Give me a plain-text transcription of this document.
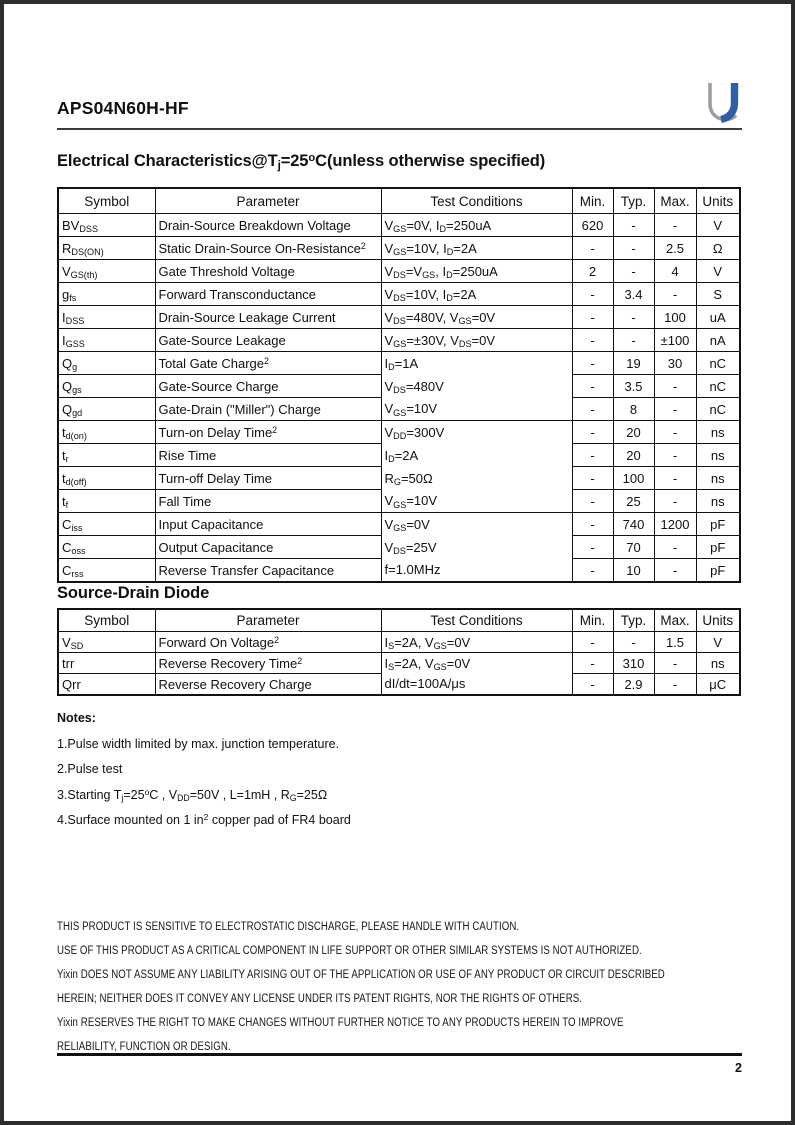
APS04N60H-HF
Electrical $Characteristics@T_j=25^oC(unless$ otherwise specified)
Symbol	Parameter	Test Conditions	Min.	Typ.	Max.	Units
$BV_{DSS}$	Drain-Source Breakdown Voltage	$V_{GS}=0V$, $I_D=250uA$	620	-	-	V
$R_{DS(ON)}$	Static Drain-Source On-Resistance$^2$	$V_{GS}=10V$, $I_D=2A$	-	-	2.5	Ω
$V_{GS(th)}$	Gate Threshold Voltage	$V_{DS}=V_{GS}$, $I_D=250uA$	2	-	4	V
$g_{fs}$	Forward Transconductance	$V_{DS}=10V$, $I_D=2A$	-	3.4	-	S
$I_{DSS}$	Drain-Source Leakage Current	$V_{DS}=480V$, $V_{GS}=0V$	-	-	100	uA
$I_{GSS}$	Gate-Source Leakage	$V_{GS}=\pm 30V$, $V_{DS}=0V$	-	-	±100	nA
$Q_g$	Total Gate Charge$^2$	$I_D=1A$	-	19	30	nC
$Q_{gs}$	Gate-Source Charge	$V_{DS}=480V$	-	3.5	-	nC
$Q_{gd}$	Gate-Drain ("Miller") Charge	$V_{GS}=10V$	-	8	-	nC
$t_{d(on)}$	Turn-on Delay Time$^2$	$V_{DD}=300V$	-	20	-	ns
$t_r$	Rise Time	$I_D=2A$	-	20	-	ns
$t_{d(off)}$	Turn-off Delay Time	$R_G=50\Omega$	-	100	-	ns
$t_f$	Fall Time	$V_{GS}=10V$	-	25	-	ns
$C_{iss}$	Input Capacitance	$V_{GS}=0V$	-	740	1200	pF
$C_{oss}$	Output Capacitance	$V_{DS}=25V$	-	70	-	pF
$C_{rss}$	Reverse Transfer Capacitance	f=1.0MHz	-	10	-	pF
Source-Drain Diode
Symbol	Parameter	Test Conditions	Min.	Typ.	Max.	Units
$V_{SD}$	Forward On Voltage$^2$	$I_S=2A$, $V_{GS}=0V$	-	-	1.5	V
trr	Reverse Recovery Time$^2$	$I_S=2A$, $V_{GS}=0V$	-	310	-	ns
Qrr	Reverse Recovery Charge	dI/dt=100A/μs	-	2.9	-	μC
Notes:
1.Pulse width limited by max. junction temperature.
2.Pulse test
3.Starting $T_j=25^oC$ , $V_{DD}=50V$ , L=1mH , $R_G=25\Omega$
4.Surface mounted on 1 $in^2$ copper pad of FR4 board
THIS PRODUCT IS SENSITIVE TO ELECTROSTATIC DISCHARGE, PLEASE HANDLE WITH CAUTION.
USE OF THIS PRODUCT AS A CRITICAL COMPONENT IN LIFE SUPPORT OR OTHER SIMILAR SYSTEMS IS NOT AUTHORIZED.
Yixin DOES NOT ASSUME ANY LIABILITY ARISING OUT OF THE APPLICATION OR USE OF ANY PRODUCT OR CIRCUIT DESCRIBED
HEREIN; NEITHER DOES IT CONVEY ANY LICENSE UNDER ITS PATENT RIGHTS, NOR THE RIGHTS OF OTHERS.
Yixin RESERVES THE RIGHT TO MAKE CHANGES WITHOUT FURTHER NOTICE TO ANY PRODUCTS HEREIN TO IMPROVE
RELIABILITY, FUNCTION OR DESIGN.
2
